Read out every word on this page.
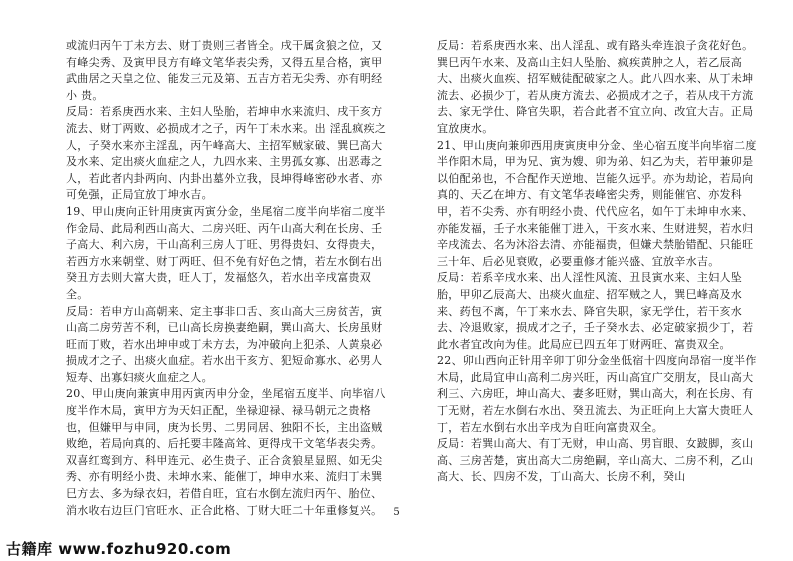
或流归丙午丁未方去、财丁贵则三者皆全。戌干属贪狼之位，又有峰尖秀、及寅甲艮方有峰文笔华表尖秀，又得五星合格，寅甲武曲居之天皇之位、能发三元及第、五吉方若无尖秀、亦有明经小 贵。

反局：若系庚西水来、主妇人坠胎，若坤申水来流归、戌干亥方流去、财丁两败、必损成才之子，丙午丁未水来。出 淫乱疯疾之人，子癸水来亦主淫乱，丙午峰高大、主招军贼家破、巽巳高大及水来、定出痰火血症之人，九四水来、主男孤女寡、出恶毒之人，若此者内卦两向、内卦出墓外立我，艮坤得峰密砂水者、亦可免强，正局宜放丁坤水吉。

19、甲山庚向正针用庚寅丙寅分金，坐尾宿二度半向毕宿二度半作金局、此局利西山高大、二房兴旺、丙午山高大利在长房、壬子高大、利六房，干山高利三房人丁旺、男得贵妇、女得贵夫，若西方水来朝堂、财丁两旺、但不免有好色之情，若左水倒右出癸丑方去则大富大贵，旺人丁，发福悠久，若水出辛戌富贵双全。

反局：若申方山高朝来、定主事非口舌、亥山高大三房贫苦，寅山高二房劳苦不利，已山高长房换妻绝嗣，巽山高大、长房虽财旺而丁败，若水出坤申或丁未方去，为冲破向上犯杀、人黄泉必损成才之子、出痰火血症。若水出干亥方、犯短命寡水、必男人短寿、出寡妇痰火血症之人。

20、甲山庚向兼寅申用丙寅丙申分金，坐尾宿五度半、向毕宿八度半作木局，寅甲方为天妇正配，坐禄迎禄、禄马朝元之贵格也，但嫌甲与申同，庚为长男、二男同居、独阳不长，主出盗贼败绝，若局向真的、后托要丰隆高耸、更得戌干文笔华表尖秀。双喜红鸾到方、科甲连元、必生贵子、正合贪狼星显照、如无尖秀、亦有明经小贵、未坤水来、能催丁，坤申水来、流归丁未巽巳方去、多为绿衣妇，若借自旺，宜右水倒左流归丙午、胎位、消水收右边巨门官旺水、正合此格、丁财大旺二十年重修复兴。

反局：若系庚西水来、出人淫乱、或有路头牵连浪子贪花好色。巽巳丙午水来、及高山主妇人坠胎、疯疾黄肿之人，若乙辰高大、出痰火血疾、招军贼徒配破家之人。此八四水来、从丁未坤流去、必损少丁，若从庚方流去、必损成才之子，若从戌干方流去、家无学仕、降官失职，若合此者不宜立向、改宜大吉。正局宜放庚水。

21、甲山庚向兼卯西用庚寅庚申分金、坐心宿五度半向毕宿二度半作阳木局，甲为兄、寅为嫂、卯为弟、妇乙为夫，若甲兼卯是以伯配弟也，不合配作天逆地、岂能久远乎。亦为劫论，若局向真的、天乙在坤方、有文笔华表峰密尖秀，则能催官、亦发科甲，若不尖秀、亦有明经小贵、代代应名，如午丁未坤申水来、亦能发福，壬子水来能催丁进入，干亥水来、生财进契，若水归辛戌流去、名为沐浴去清、亦能福贵，但嫌犬禁胎错配、只能旺三十年、后必见衰败，必要重修才能兴盛、宜放辛水吉。

反局：若系辛戌水来、出人淫性风流、丑艮寅水来、主妇人坠胎，甲卯乙辰高大、出痰火血症、招军贼之人，巽巳峰高及水来、药包不离，午丁来水去、降官失职，家无学仕，若干亥水去、冷退败家，损成才之子，壬子癸水去、必定破家损少丁，若此水者宜改向为佳。此局应已四五年丁财两旺、富贵双全。

22、卯山西向正针用辛卯丁卯分金坐低宿十四度向昂宿一度半作木局，此局宜申山高利二房兴旺，丙山高宜广交朋友，艮山高大利三、六房旺，坤山高大、妻多旺财，巽山高大，利在长房、有丁无财，若左水倒右水出、癸丑流去、为正旺向上大富大贵旺人丁，若左水倒右水出辛戌为自旺向富贵双全。

反局：若巽山高大、有丁无财，申山高、男盲眼、女跛脚，亥山高、三房苦楚，寅出高大二房绝嗣，辛山高大、二房不利，乙山高大、长、四房不发，丁山高大、长房不利，癸山

5
古籍库 www.fozhu920.com
